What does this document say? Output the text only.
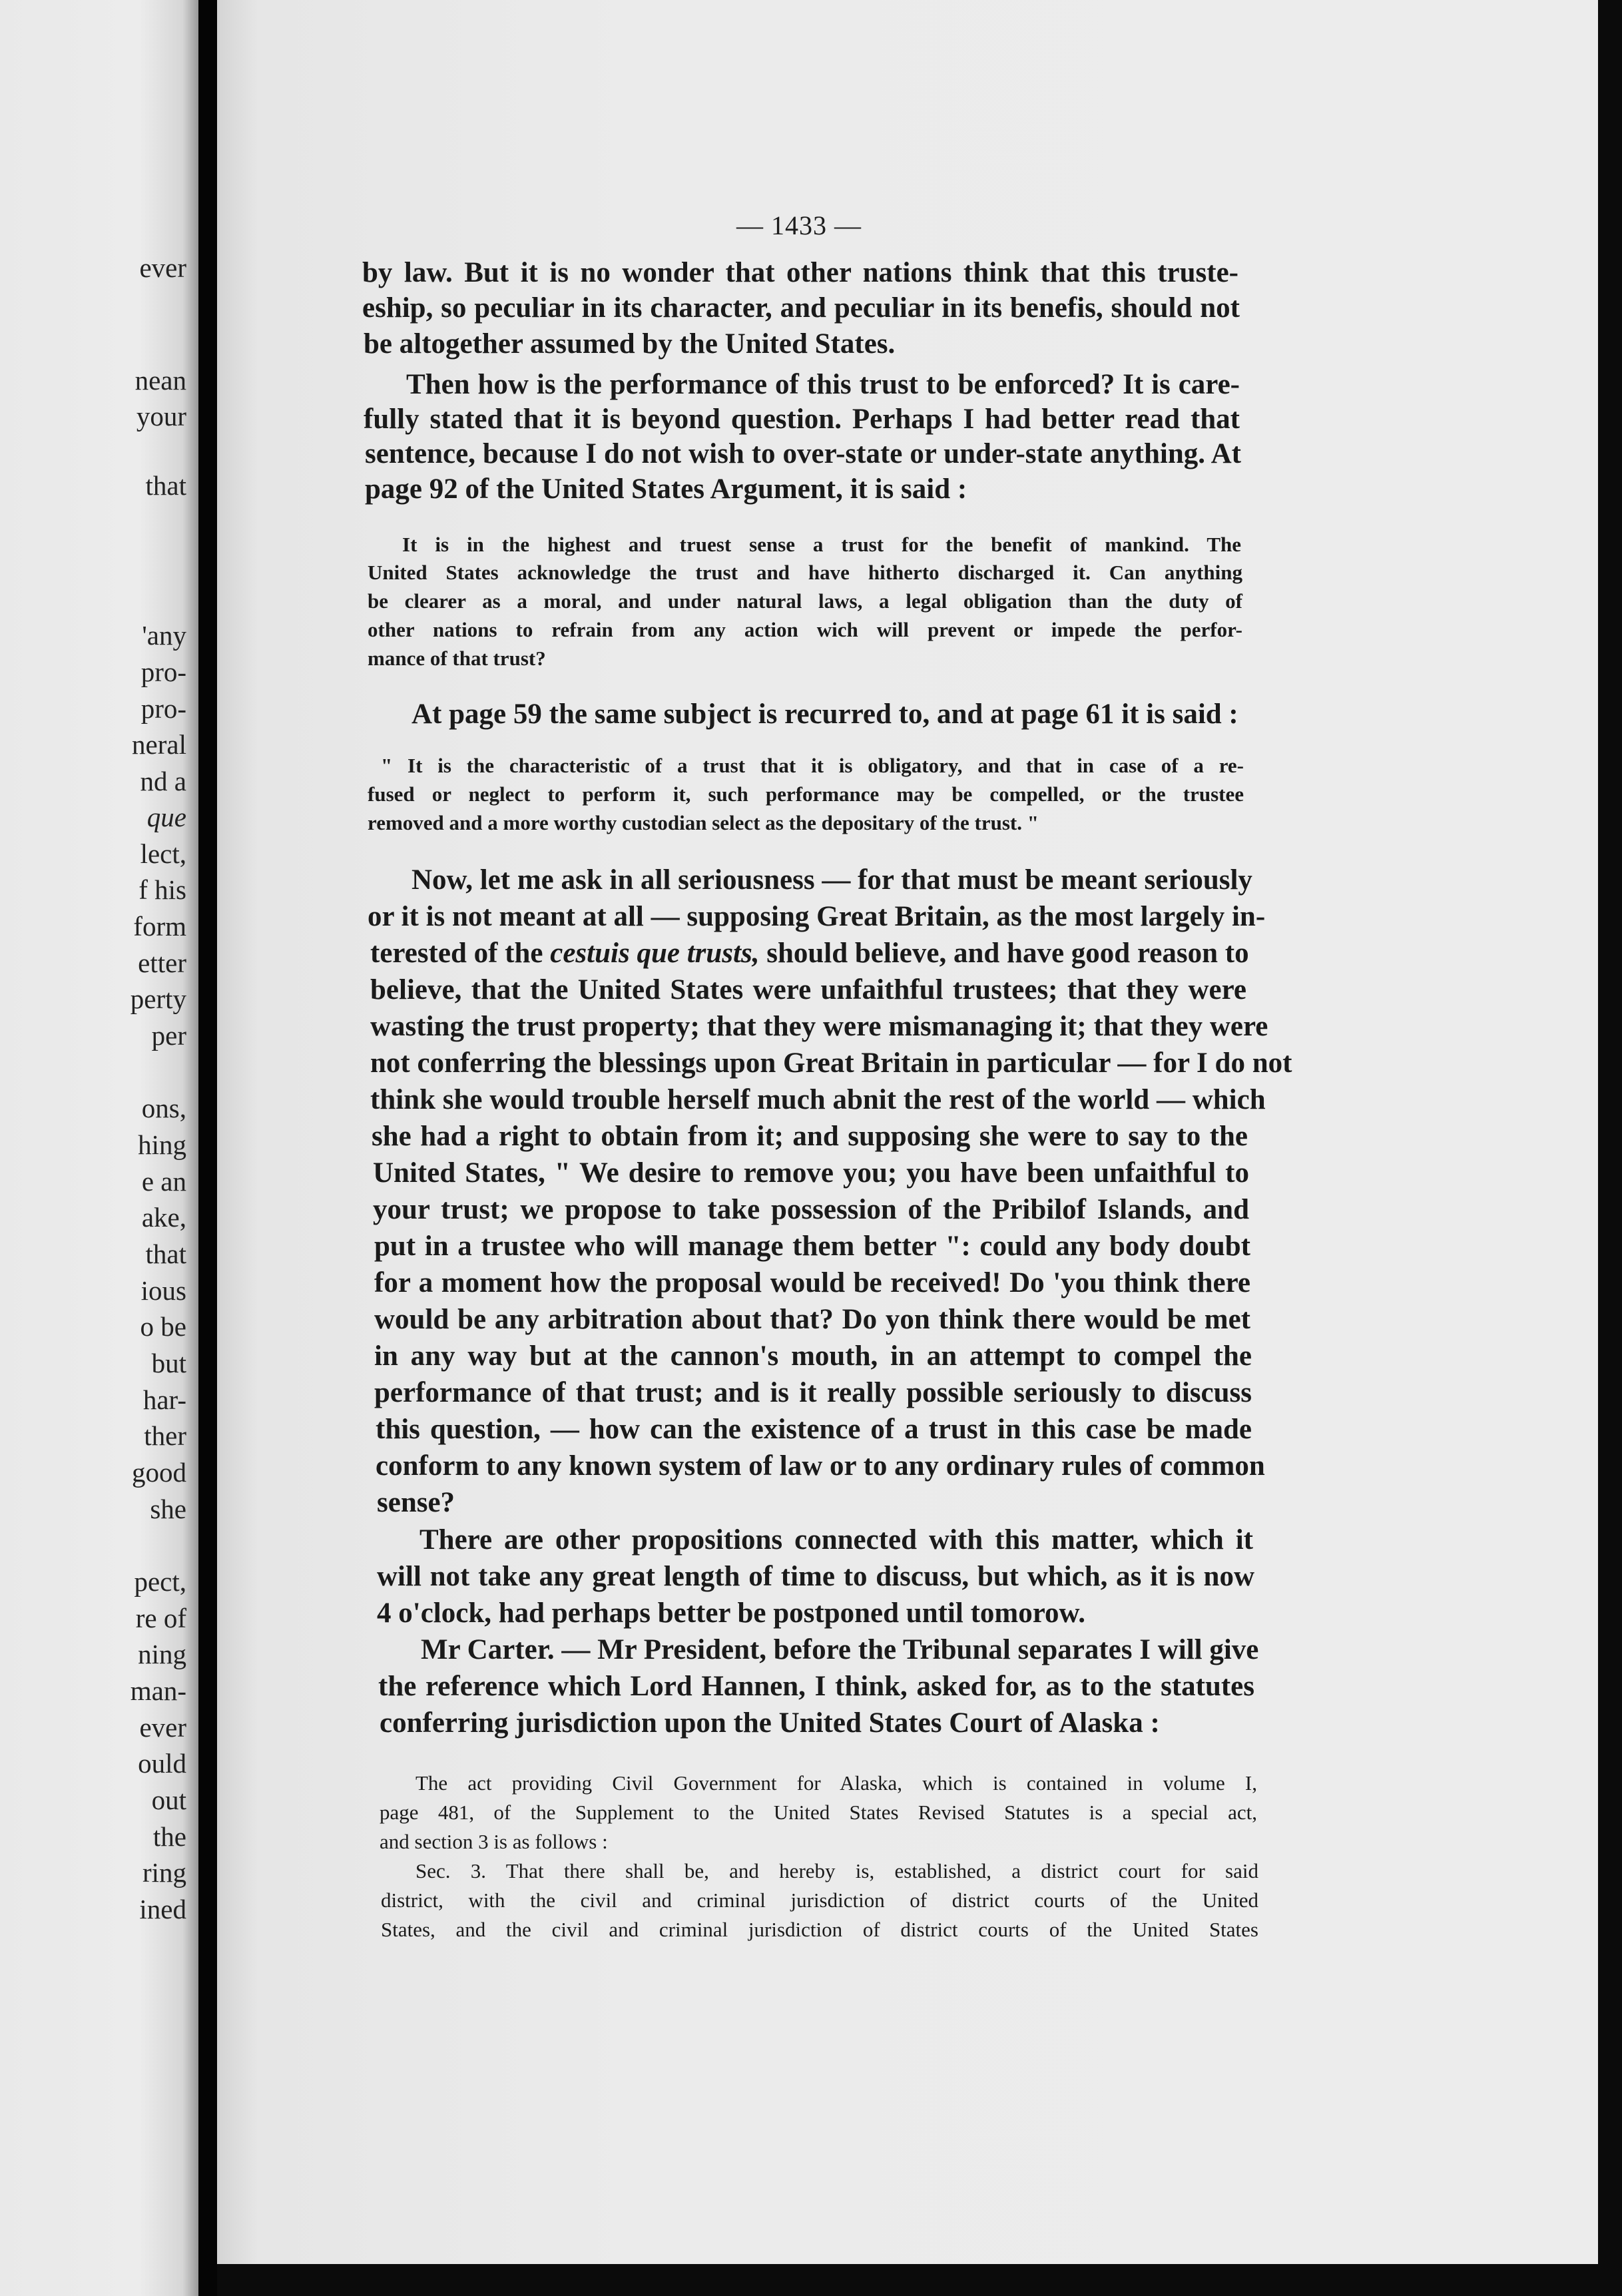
ever

nean

your

that

'any

pro-

pro-

neral

nd a

que

lect,

f his

form

etter

perty

per

ons,

hing

e an

ake,

that

ious

o be

but

har-

ther

good

she

pect,

re of

ning

man-

ever

ould

out

the

ring

ined

— 1433 —

by law. But it is no wonder that other nations think that this truste-

eship, so peculiar in its character, and peculiar in its benefis, should not

be altogether assumed by the United States.

Then how is the performance of this trust to be enforced? It is care-

fully stated that it is beyond question. Perhaps I had better read that

sentence, because I do not wish to over-state or under-state anything. At

page 92 of the United States Argument, it is said :

It is in the highest and truest sense a trust for the benefit of mankind. The

United States acknowledge the trust and have hitherto discharged it. Can anything

be clearer as a moral, and under natural laws, a legal obligation than the duty of

other nations to refrain from any action wich will prevent or impede the perfor-

mance of that trust?

At page 59 the same subject is recurred to, and at page 61 it is said :

" It is the characteristic of a trust that it is obligatory, and that in case of a re-

fused or neglect to perform it, such performance may be compelled, or the trustee

removed and a more worthy custodian select as the depositary of the trust. "

Now, let me ask in all seriousness — for that must be meant seriously

or it is not meant at all — supposing Great Britain, as the most largely in-

terested of the cestuis que trusts, should believe, and have good reason to

believe, that the United States were unfaithful trustees; that they were

wasting the trust property; that they were mismanaging it; that they were

not conferring the blessings upon Great Britain in particular — for I do not

think she would trouble herself much abnit the rest of the world — which

she had a right to obtain from it; and supposing she were to say to the

United States, " We desire to remove you; you have been unfaithful to

your trust; we propose to take possession of the Pribilof Islands, and

put in a trustee who will manage them better ": could any body doubt

for a moment how the proposal would be received! Do 'you think there

would be any arbitration about that? Do yon think there would be met

in any way but at the cannon's mouth, in an attempt to compel the

performance of that trust; and is it really possible seriously to discuss

this question, — how can the existence of a trust in this case be made

conform to any known system of law or to any ordinary rules of common

sense?

There are other propositions connected with this matter, which it

will not take any great length of time to discuss, but which, as it is now

4 o'clock, had perhaps better be postponed until tomorow.

Mr Carter. — Mr President, before the Tribunal separates I will give

the reference which Lord Hannen, I think, asked for, as to the statutes

conferring jurisdiction upon the United States Court of Alaska :

The act providing Civil Government for Alaska, which is contained in volume I,

page 481, of the Supplement to the United States Revised Statutes is a special act,

and section 3 is as follows :

Sec. 3. That there shall be, and hereby is, established, a district court for said

district, with the civil and criminal jurisdiction of district courts of the United

States, and the civil and criminal jurisdiction of district courts of the United States
